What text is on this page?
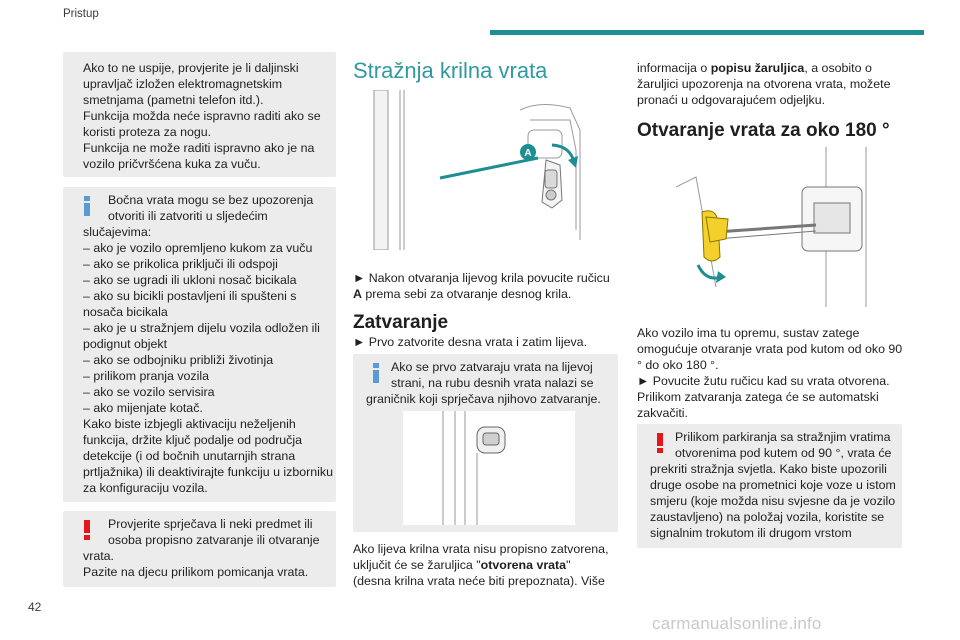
Pristup
Ako to ne uspije, provjerite je li daljinski
upravljač izložen elektromagnetskim
smetnjama (pametni telefon itd.).
Funkcija možda neće ispravno raditi ako se
koristi proteza za nogu.
Funkcija ne može raditi ispravno ako je na
vozilo pričvršćena kuka za vuču.
Bočna vrata mogu se bez upozorenja
otvoriti ili zatvoriti u sljedećim
slučajevima:
– ako je vozilo opremljeno kukom za vuču
– ako se prikolica priključi ili odspoji
– ako se ugradi ili ukloni nosač bicikala
– ako su bicikli postavljeni ili spušteni s
nosača bicikala
– ako je u stražnjem dijelu vozila odložen ili
podignut objekt
– ako se odbojniku približi životinja
– prilikom pranja vozila
– ako se vozilo servisira
– ako mijenjate kotač.
Kako biste izbjegli aktivaciju neželjenih
funkcija, držite ključ podalje od područja
detekcije (i od bočnih unutarnjih strana
prtljažnika) ili deaktivirajte funkciju u izborniku
za konfiguraciju vozila.
Provjerite sprječava li neki predmet ili
osoba propisno zatvaranje ili otvaranje
vrata.
Pazite na djecu prilikom pomicanja vrata.
42
Stražnja krilna vrata
A
► Nakon otvaranja lijevog krila povucite ručicu
A prema sebi za otvaranje desnog krila.
Zatvaranje
► Prvo zatvorite desna vrata i zatim lijeva.
Ako se prvo zatvaraju vrata na lijevoj
strani, na rubu desnih vrata nalazi se
graničnik koji sprječava njihovo zatvaranje.
Ako lijeva krilna vrata nisu propisno zatvorena,
uključit će se žaruljica "otvorena vrata"
(desna krilna vrata neće biti prepoznata). Više
informacija o popisu žaruljica, a osobito o
žaruljici upozorenja na otvorena vrata, možete
pronaći u odgovarajućem odjeljku.
Otvaranje vrata za oko 180 °
Ako vozilo ima tu opremu, sustav zatege
omogućuje otvaranje vrata pod kutom od oko 90
° do oko 180 °.
► Povucite žutu ručicu kad su vrata otvorena.
Prilikom zatvaranja zatega će se automatski
zakvačiti.
Prilikom parkiranja sa stražnjim vratima
otvorenima pod kutem od 90 °, vrata će
prekriti stražnja svjetla. Kako biste upozorili
druge osobe na prometnici koje voze u istom
smjeru (koje možda nisu svjesne da je vozilo
zaustavljeno) na položaj vozila, koristite se
signalnim trokutom ili drugom vrstom
carmanualsonline.info
